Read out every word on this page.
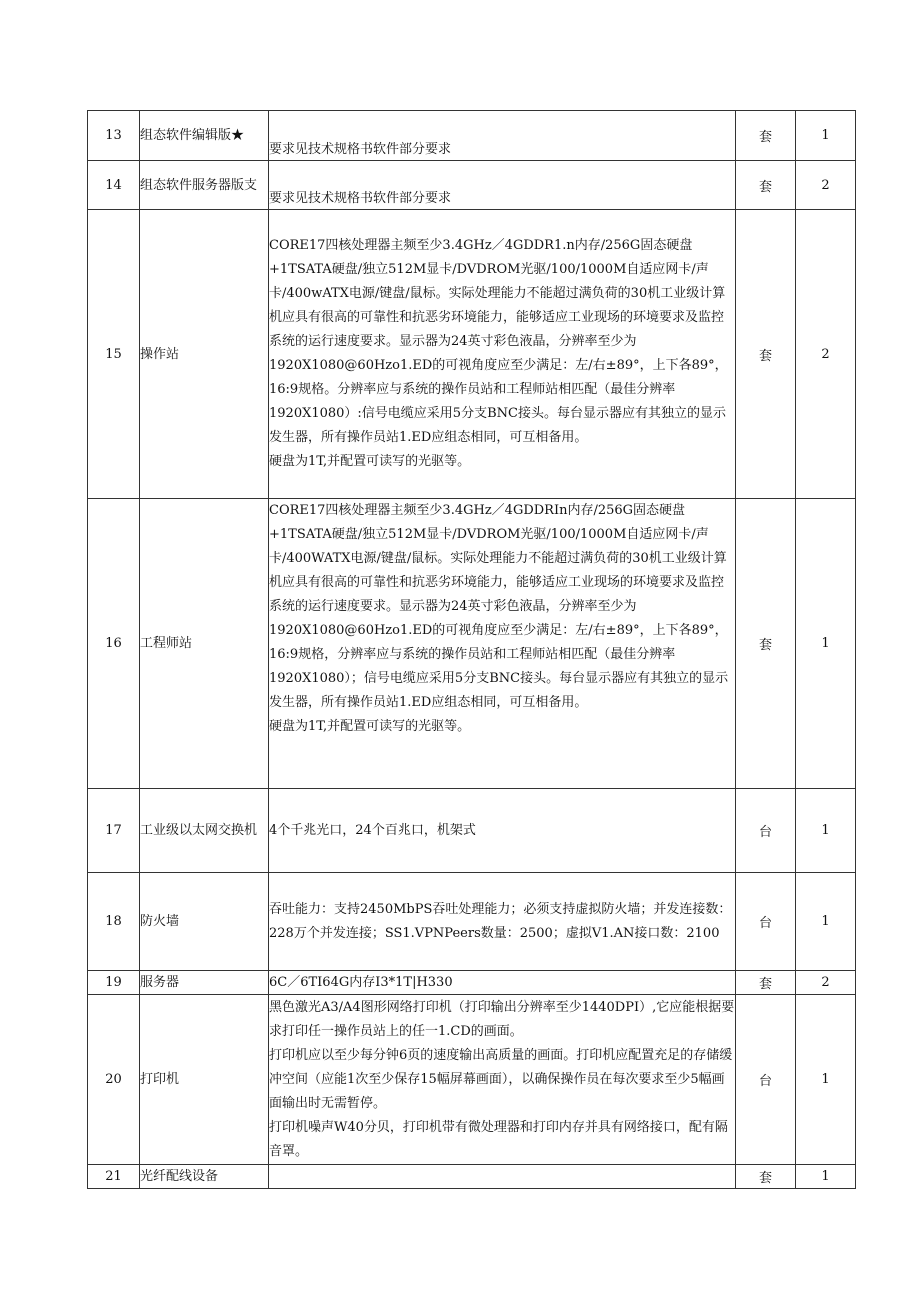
13	组态软件编辑版★	要求见技术规格书软件部分要求	套	1
14	组态软件服务器版支	要求见技术规格书软件部分要求	套	2
15	操作站	CORE17四核处理器主频至少3.4GHz／4GDDR1.n内存/256G固态硬盘+1TSATA硬盘/独立512M显卡/DVDROM光驱/100/1000M自适应网卡/声卡/400wATX电源/键盘/鼠标。实际处理能力不能超过满负荷的30机工业级计算机应具有很高的可靠性和抗恶劣环境能力，能够适应工业现场的环境要求及监控系统的运行速度要求。显示器为24英寸彩色液晶，分辨率至少为1920X1080@60Hzo1.ED的可视角度应至少满足：左/右±89°，上下各89°，16:9规格。分辨率应与系统的操作员站和工程师站相匹配（最佳分辨率1920X1080）:信号电缆应采用5分支BNC接头。每台显示器应有其独立的显示发生器，所有操作员站1.ED应组态相同，可互相备用。
硬盘为1T,并配置可读写的光驱等。	套	2
16	工程师站	CORE17四核处理器主频至少3.4GHz／4GDDRIn内存/256G固态硬盘+1TSATA硬盘/独立512M显卡/DVDROM光驱/100/1000M自适应网卡/声卡/400WATX电源/键盘/鼠标。实际处理能力不能超过满负荷的30机工业级计算机应具有很高的可靠性和抗恶劣环境能力，能够适应工业现场的环境要求及监控系统的运行速度要求。显示器为24英寸彩色液晶，分辨率至少为1920X1080@60Hzo1.ED的可视角度应至少满足：左/右±89°，上下各89°，16:9规格，分辨率应与系统的操作员站和工程师站相匹配（最佳分辨率1920X1080）；信号电缆应采用5分支BNC接头。每台显示器应有其独立的显示发生器，所有操作员站1.ED应组态相同，可互相备用。
硬盘为1T,并配置可读写的光驱等。	套	1
17	工业级以太网交换机	4个千兆光口，24个百兆口，机架式	台	1
18	防火墙	吞吐能力：支持2450MbPS吞吐处理能力；必须支持虚拟防火墙；并发连接数：228万个并发连接；SS1.VPNPeers数量：2500；虚拟V1.AN接口数：2100	台	1
19	服务器	6C／6TI64G内存I3*1T|H330	套	2
20	打印机	黑色激光A3/A4图形网络打印机（打印输出分辨率至少1440DPI）,它应能根据要求打印任一操作员站上的任一1.CD的画面。
打印机应以至少每分钟6页的速度输出高质量的画面。打印机应配置充足的存储缓冲空间（应能1次至少保存15幅屏幕画面），以确保操作员在每次要求至少5幅画面输出时无需暂停。
打印机噪声W40分贝，打印机带有微处理器和打印内存并具有网络接口，配有隔音罩。	台	1
21	光纤配线设备		套	1
